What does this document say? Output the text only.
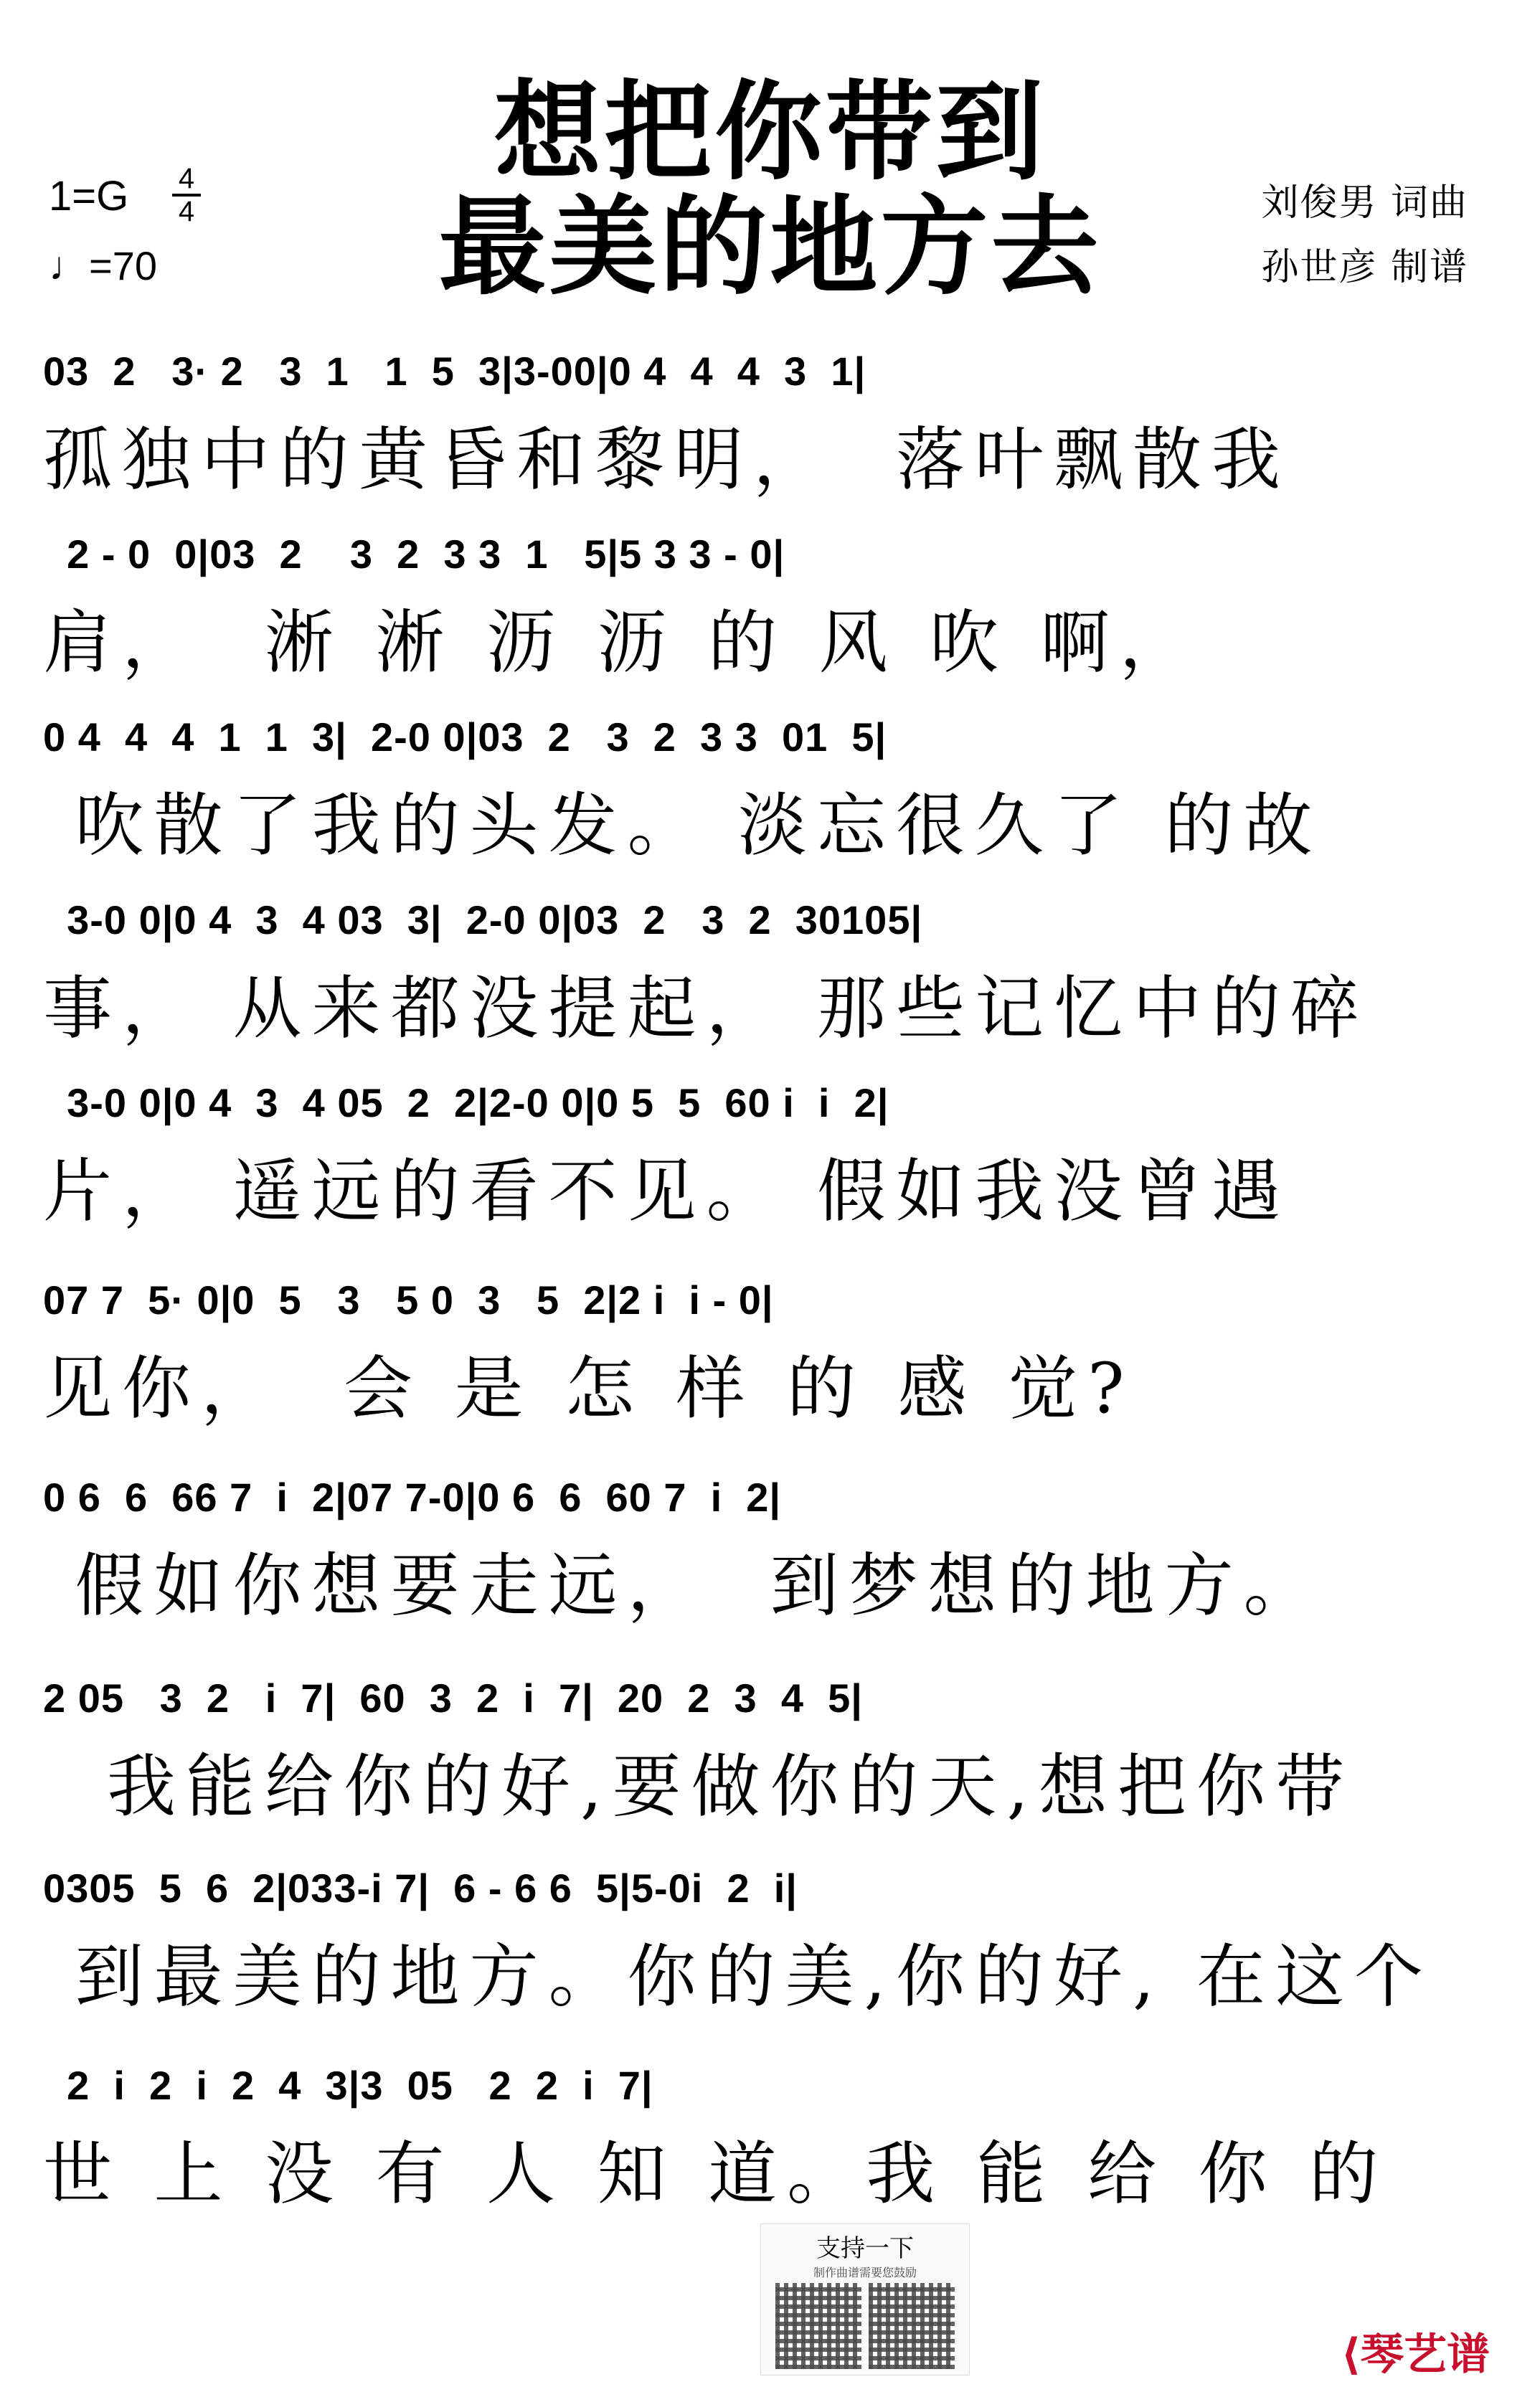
想把你带到
最美的地方去
$1=G \frac{4}{4}$
♩=70
刘俊男 词曲
孙世彦 制谱
03  2   3· 2   3  1   1  5  3|3-00|0 4  4  4  3  1|
孤独中的黄昏和黎明，  落叶飘散我
2 - 0  0|03  2    3  2  3 3  1   5|5 3 3 - 0|
肩，  淅 淅 沥 沥 的 风 吹 啊，
0 4  4  4  1  1  3|  2-0 0|03  2   3  2  3 3  01  5|
吹散了我的头发。 淡忘很久了 的故
3-0 0|0 4  3  4 03  3|  2-0 0|03  2   3  2  30105|
事， 从来都没提起， 那些记忆中的碎
3-0 0|0 4  3  4 05  2  2|2-0 0|0 5  5  60 i  i  2|
片， 遥远的看不见。 假如我没曾遇
07 7  5· 0|0  5   3   5 0  3   5  2|2 i  i - 0|
见你，  会 是 怎 样 的 感 觉?
0 6  6  66 7  i  2|07 7-0|0 6  6  60 7  i  2|
假如你想要走远，  到梦想的地方。
2 05   3  2   i  7|  60  3  2  i  7|  20  2  3  4  5|
我能给你的好,要做你的天,想把你带
0305  5  6  2|033-i 7|  6 - 6 6  5|5-0i  2  i|
到最美的地方。你的美,你的好, 在这个
2  i  2  i  2  4  3|3  05   2  2  i  7|
世 上 没 有 人 知 道。我 能 给 你 的
支持一下
制作曲谱需要您鼓励
⟨琴艺谱
